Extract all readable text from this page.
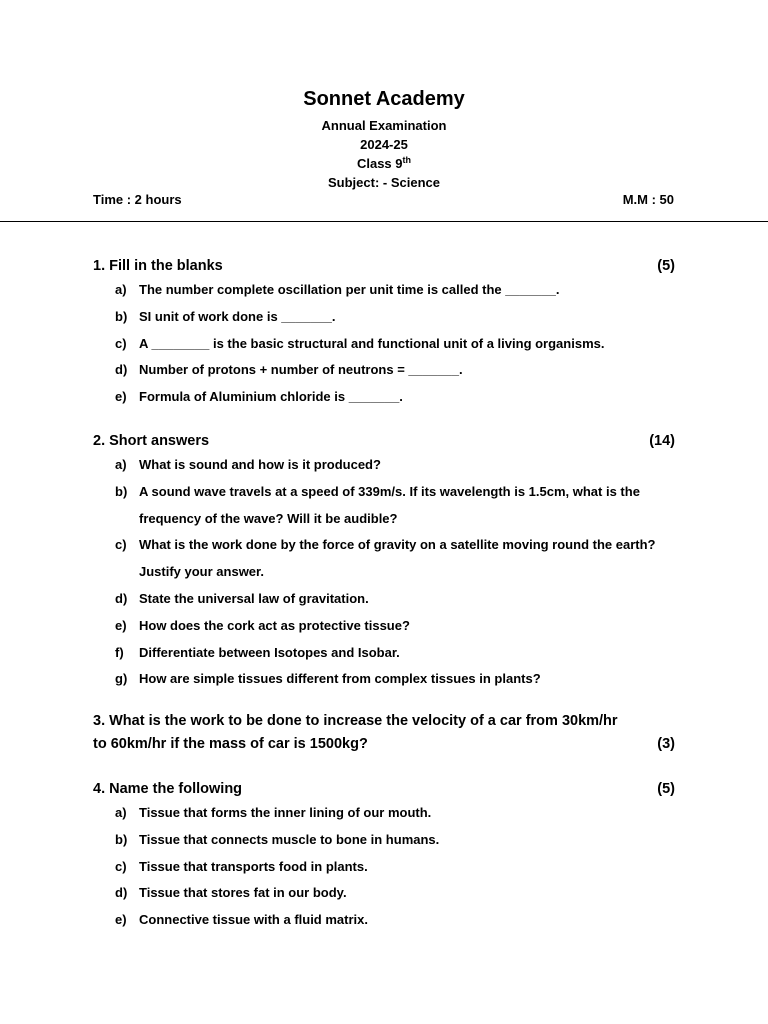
Sonnet Academy
Annual Examination
2024-25
Class 9th
Subject: - Science
Time : 2 hours	M.M : 50
1. Fill in the blanks	(5)
a) The number complete oscillation per unit time is called the _______.
b) SI unit of work done is _______.
c) A ________ is the basic structural and functional unit of a living organisms.
d) Number of protons + number of neutrons = _______.
e) Formula of Aluminium chloride is _______.
2. Short answers	(14)
a) What is sound and how is it produced?
b) A sound wave travels at a speed of 339m/s. If its wavelength is 1.5cm, what is the frequency of the wave? Will it be audible?
c) What is the work done by the force of gravity on a satellite moving round the earth? Justify your answer.
d) State the universal law of gravitation.
e) How does the cork act as protective tissue?
f) Differentiate between Isotopes and Isobar.
g) How are simple tissues different from complex tissues in plants?
3. What is the work to be done to increase the velocity of a car from 30km/hr
to 60km/hr if the mass of car is 1500kg?	(3)
4. Name the following	(5)
a) Tissue that forms the inner lining of our mouth.
b) Tissue that connects muscle to bone in humans.
c) Tissue that transports food in plants.
d) Tissue that stores fat in our body.
e) Connective tissue with a fluid matrix.
